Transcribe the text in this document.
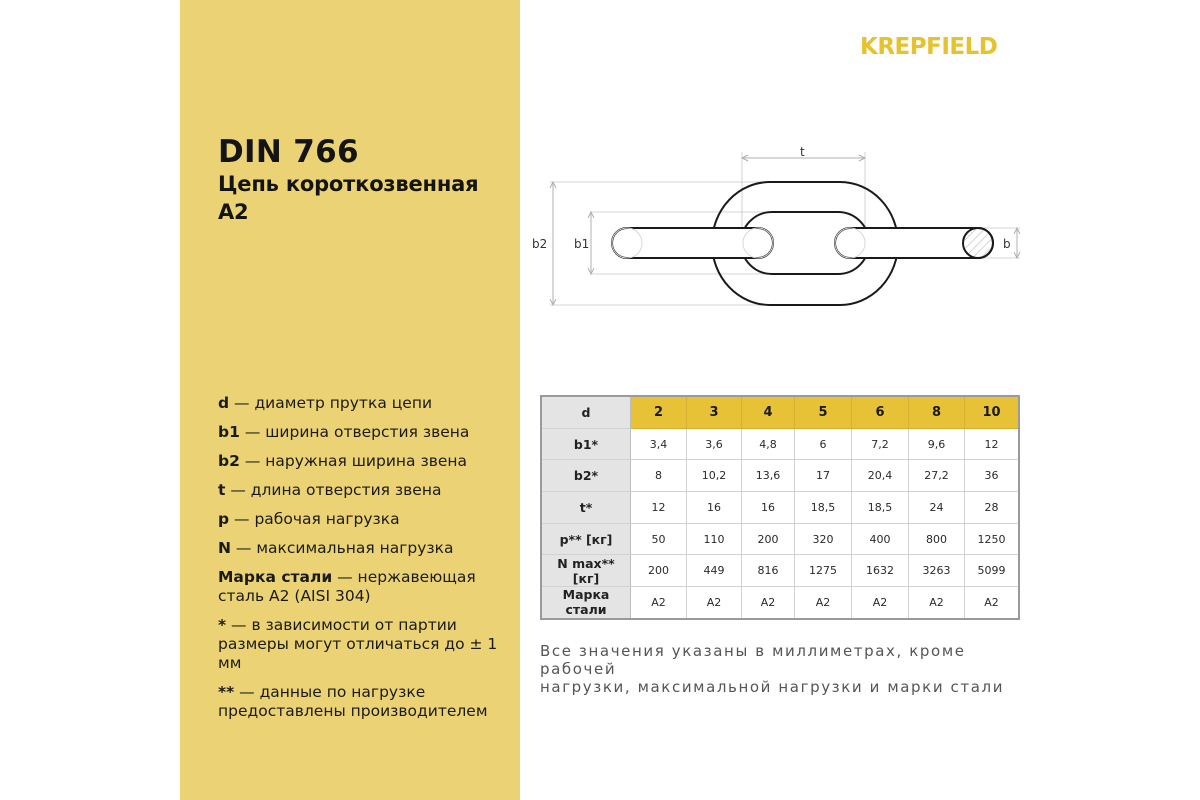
DIN 766
Цепь короткозвенная
A2
KREPFIELD
t
b2 b1	b
d — диаметр прутка цепи
b1 — ширина отверстия звена
b2 — наружная ширина звена
t — длина отверстия звена
p — рабочая нагрузка
N — максимальная нагрузка
Марка стали — нержавеющая сталь А2 (AISI 304)
* — в зависимости от партии размеры могут отличаться до ± 1 мм
** — данные по нагрузке предоставлены производителем
d	2	3	4	5	6	8	10
b1*	3,4	3,6	4,8	6	7,2	9,6	12
b2*	8	10,2	13,6	17	20,4	27,2	36
t*	12	16	16	18,5	18,5	24	28
p** [кг]	50	110	200	320	400	800	1250
N max** [кг]	200	449	816	1275	1632	3263	5099
Марка стали	A2	A2	A2	A2	A2	A2	A2
Все значения указаны в миллиметрах, кроме рабочей
нагрузки, максимальной нагрузки и марки стали
